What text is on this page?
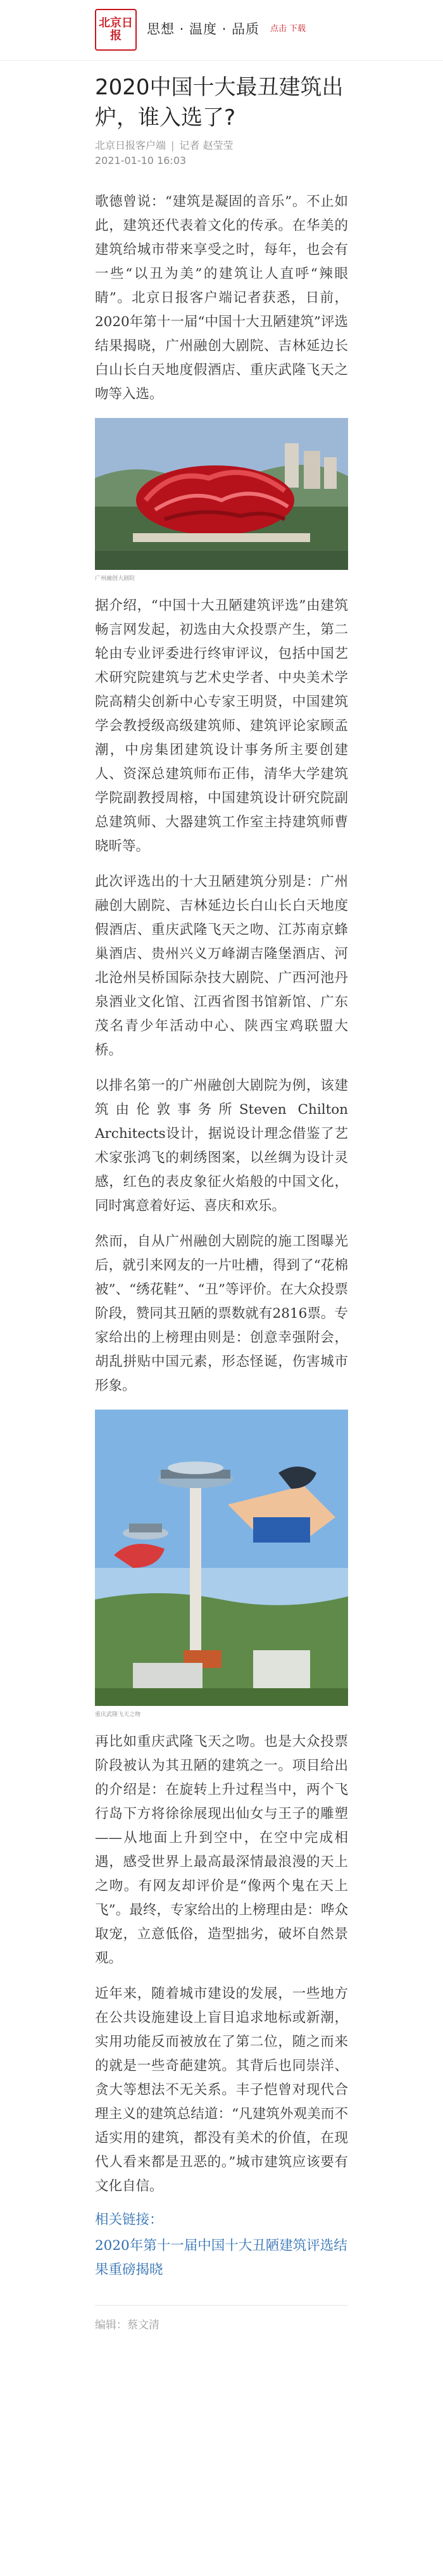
北京日报	思想 · 温度 · 品质 点击 下载
2020中国十大最丑建筑出炉，谁入选了?
北京日报客户端 | 记者 赵莹莹
2021-01-10 16:03

歌德曾说：“建筑是凝固的音乐”。不止如此，建筑还代表着文化的传承。在华美的建筑给城市带来享受之时，每年，也会有一些“以丑为美”的建筑让人直呼“辣眼睛”。北京日报客户端记者获悉，日前，2020年第十一届“中国十大丑陋建筑”评选结果揭晓，广州融创大剧院、吉林延边长白山长白天地度假酒店、重庆武隆飞天之吻等入选。

广州融创大剧院

据介绍，“中国十大丑陋建筑评选”由建筑畅言网发起，初选由大众投票产生，第二轮由专业评委进行终审评议，包括中国艺术研究院建筑与艺术史学者、中央美术学院高精尖创新中心专家王明贤，中国建筑学会教授级高级建筑师、建筑评论家顾孟潮，中房集团建筑设计事务所主要创建人、资深总建筑师布正伟，清华大学建筑学院副教授周榕，中国建筑设计研究院副总建筑师、大器建筑工作室主持建筑师曹晓昕等。

此次评选出的十大丑陋建筑分别是：广州融创大剧院、吉林延边长白山长白天地度假酒店、重庆武隆飞天之吻、江苏南京蜂巢酒店、贵州兴义万峰湖吉隆堡酒店、河北沧州吴桥国际杂技大剧院、广西河池丹泉酒业文化馆、江西省图书馆新馆、广东茂名青少年活动中心、陕西宝鸡联盟大桥。

以排名第一的广州融创大剧院为例，该建筑由伦敦事务所Steven Chilton Architects设计，据说设计理念借鉴了艺术家张鸿飞的刺绣图案，以丝绸为设计灵感，红色的表皮象征火焰般的中国文化，同时寓意着好运、喜庆和欢乐。

然而，自从广州融创大剧院的施工图曝光后，就引来网友的一片吐槽，得到了“花棉被”、“绣花鞋”、“丑”等评价。在大众投票阶段，赞同其丑陋的票数就有2816票。专家给出的上榜理由则是：创意幸强附会，胡乱拼贴中国元素，形态怪诞，伤害城市形象。

重庆武隆飞天之吻

再比如重庆武隆飞天之吻。也是大众投票阶段被认为其丑陋的建筑之一。项目给出的介绍是：在旋转上升过程当中，两个飞行岛下方将徐徐展现出仙女与王子的雕塑——从地面上升到空中，在空中完成相遇，感受世界上最高最深情最浪漫的天上之吻。有网友却评价是“像两个鬼在天上飞”。最终，专家给出的上榜理由是：哗众取宠，立意低俗，造型拙劣，破坏自然景观。

近年来，随着城市建设的发展，一些地方在公共设施建设上盲目追求地标或新潮，实用功能反而被放在了第二位，随之而来的就是一些奇葩建筑。其背后也同崇洋、贪大等想法不无关系。丰子恺曾对现代合理主义的建筑总结道：“凡建筑外观美而不适实用的建筑，都没有美术的价值，在现代人看来都是丑恶的。”城市建筑应该要有文化自信。

相关链接：
2020年第十一届中国十大丑陋建筑评选结果重磅揭晓
编辑：蔡文清
